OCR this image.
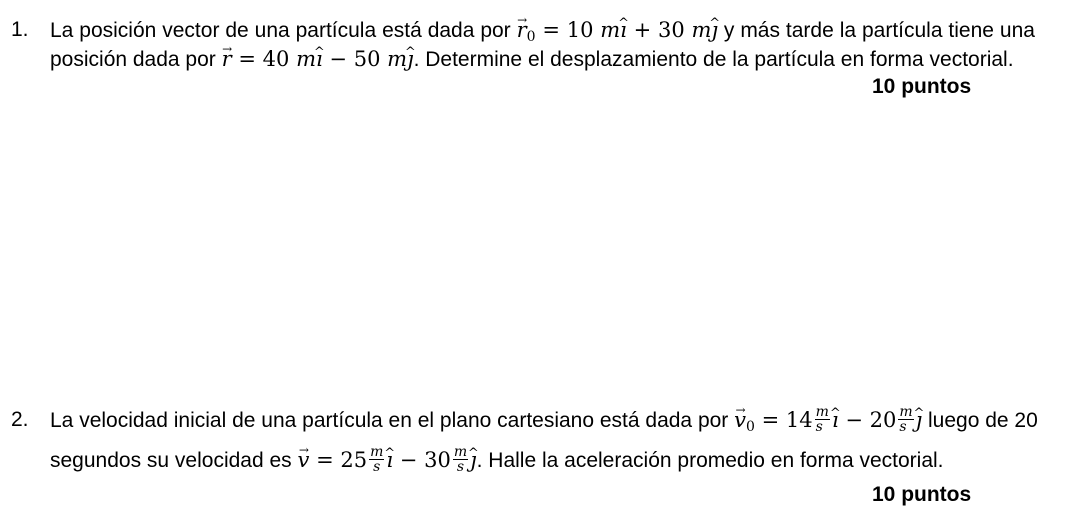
1. La posición vector de una partícula está dada por → $r_0 = 10$ m^ ı + 30 m^ ȷ y más tarde la partícula tiene una
posición dada por → r = 40 m^ ı − 50 m^ ȷ. Determine el desplazamiento de la partícula en forma vectorial.
10 puntos
2. La velocidad inicial de una partícula en el plano cartesiano está dada por → $v_0 = 14 \frac{m}{s}$ ^ ı − $20 \frac{m}{s}$ ^ ȷ luego de 20
segundos su velocidad es → $v = 25 \frac{m}{s}$ ^ ı − $30 \frac{m}{s}$ ^ ȷ. Halle la aceleración promedio en forma vectorial.
10 puntos
